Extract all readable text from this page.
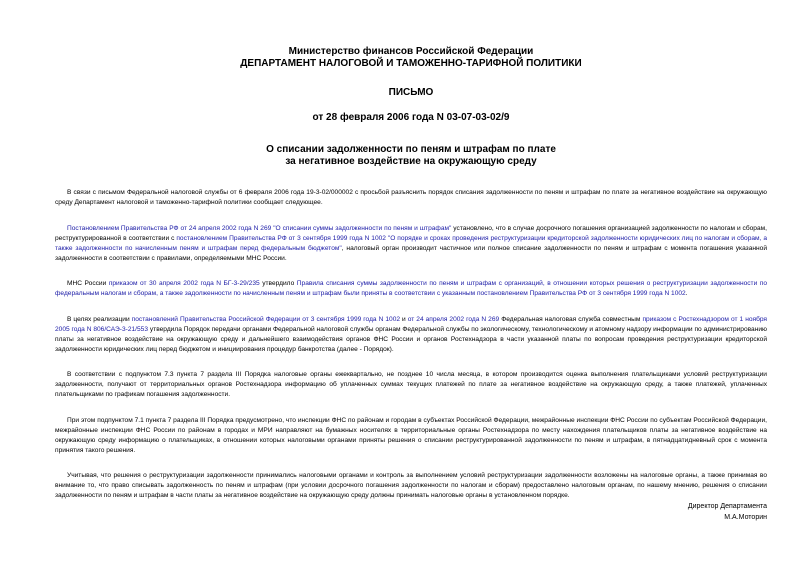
Министерство финансов Российской Федерации
ДЕПАРТАМЕНТ НАЛОГОВОЙ И ТАМОЖЕННО-ТАРИФНОЙ ПОЛИТИКИ
ПИСЬМО
от 28 февраля 2006 года N 03-07-03-02/9
О списании задолженности по пеням и штрафам по плате
за негативное воздействие на окружающую среду

В связи с письмом Федеральной налоговой службы от 6 февраля 2006 года 19-3-02/000002 с просьбой разъяснить порядок списания задолженности по пеням и штрафам по плате за негативное воздействие на окружающую среду Департамент налоговой и таможенно-тарифной политики сообщает следующее.

Постановлением Правительства РФ от 24 апреля 2002 года N 269 "О списании суммы задолженности по пеням и штрафам" установлено, что в случае досрочного погашения организацией задолженности по налогам и сборам, реструктурированной в соответствии с постановлением Правительства РФ от 3 сентября 1999 года N 1002 "О порядке и сроках проведения реструктуризации кредиторской задолженности юридических лиц по налогам и сборам, а также задолженности по начисленным пеням и штрафам перед федеральным бюджетом", налоговый орган производит частичное или полное списание задолженности по пеням и штрафам с момента погашения указанной задолженности в соответствии с правилами, определяемыми МНС России.

МНС России приказом от 30 апреля 2002 года N БГ-3-29/235 утвердило Правила списания суммы задолженности по пеням и штрафам с организаций, в отношении которых решения о реструктуризации задолженности по федеральным налогам и сборам, а также задолженности по начисленным пеням и штрафам были приняты в соответствии с указанным постановлением Правительства РФ от 3 сентября 1999 года N 1002.

В целях реализации постановлений Правительства Российской Федерации от 3 сентября 1999 года N 1002 и от 24 апреля 2002 года N 269 Федеральная налоговая служба совместным приказом с Ростехнадзором от 1 ноября 2005 года N 806/САЭ-3-21/553 утвердила Порядок передачи органами Федеральной налоговой службы органам Федеральной службы по экологическому, технологическому и атомному надзору информации по администрированию платы за негативное воздействие на окружающую среду и дальнейшего взаимодействия органов ФНС России и органов Ростехнадзора в части указанной платы по вопросам проведения реструктуризации кредиторской задолженности юридических лиц перед бюджетом и инициирования процедур банкротства (далее - Порядок).

В соответствии с подпунктом 7.3 пункта 7 раздела III Порядка налоговые органы ежеквартально, не позднее 10 числа месяца, в котором производится оценка выполнения плательщиками условий реструктуризации задолженности, получают от территориальных органов Ростехнадзора информацию об уплаченных суммах текущих платежей по плате за негативное воздействие на окружающую среду, а также платежей, уплаченных плательщиками по графикам погашения задолженности.

При этом подпунктом 7.1 пункта 7 раздела III Порядка предусмотрено, что инспекции ФНС по районам и городам в субъектах Российской Федерации, межрайонные инспекции ФНС России по субъектам Российской Федерации, межрайонные инспекции ФНС России по районам в городах и МРИ направляют на бумажных носителях в территориальные органы Ростехнадзора по месту нахождения плательщиков платы за негативное воздействие на окружающую среду информацию о плательщиках, в отношении которых налоговыми органами приняты решения о списании реструктурированной задолженности по пеням и штрафам, в пятнадцатидневный срок с момента принятия такого решения.

Учитывая, что решения о реструктуризации задолженности принимались налоговыми органами и контроль за выполнением условий реструктуризации задолженности возложены на налоговые органы, а также принимая во внимание то, что право списывать задолженность по пеням и штрафам (при условии досрочного погашения задолженности по налогам и сборам) предоставлено налоговым органам, по нашему мнению, решения о списании задолженности по пеням и штрафам в части платы за негативное воздействие на окружающую среду должны принимать налоговые органы в установленном порядке.

Директор Департамента
М.А.Моторин
